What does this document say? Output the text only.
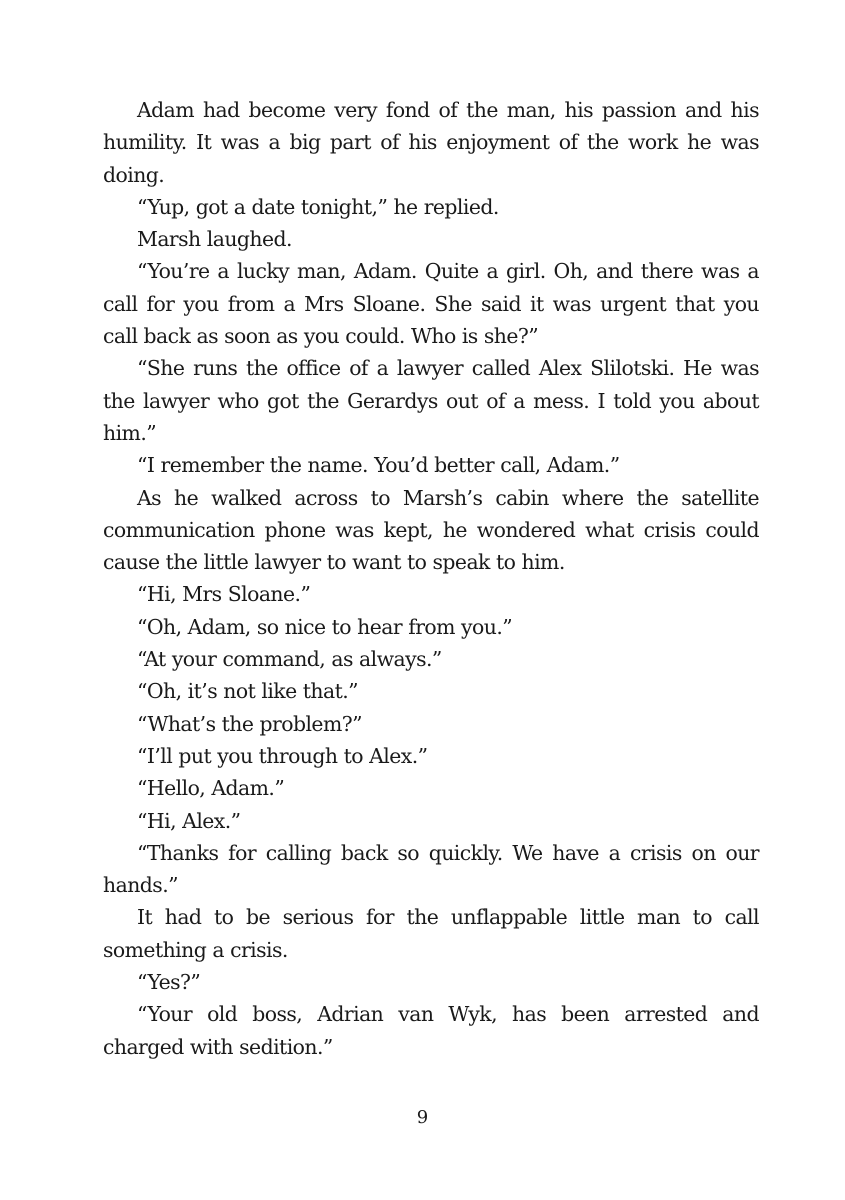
Adam had become very fond of the man, his passion and his humility. It was a big part of his enjoyment of the work he was doing.

“Yup, got a date tonight,” he replied.

Marsh laughed.

“You’re a lucky man, Adam. Quite a girl. Oh, and there was a call for you from a Mrs Sloane. She said it was urgent that you call back as soon as you could. Who is she?”

“She runs the office of a lawyer called Alex Slilotski. He was the lawyer who got the Gerardys out of a mess. I told you about him.”

“I remember the name. You’d better call, Adam.”

As he walked across to Marsh’s cabin where the satellite communication phone was kept, he wondered what crisis could cause the little lawyer to want to speak to him.

“Hi, Mrs Sloane.”

“Oh, Adam, so nice to hear from you.”

“At your command, as always.”

“Oh, it’s not like that.”

“What’s the problem?”

“I’ll put you through to Alex.”

“Hello, Adam.”

“Hi, Alex.”

“Thanks for calling back so quickly. We have a crisis on our hands.”

It had to be serious for the unflappable little man to call something a crisis.

“Yes?”

“Your old boss, Adrian van Wyk, has been arrested and charged with sedition.”

9
